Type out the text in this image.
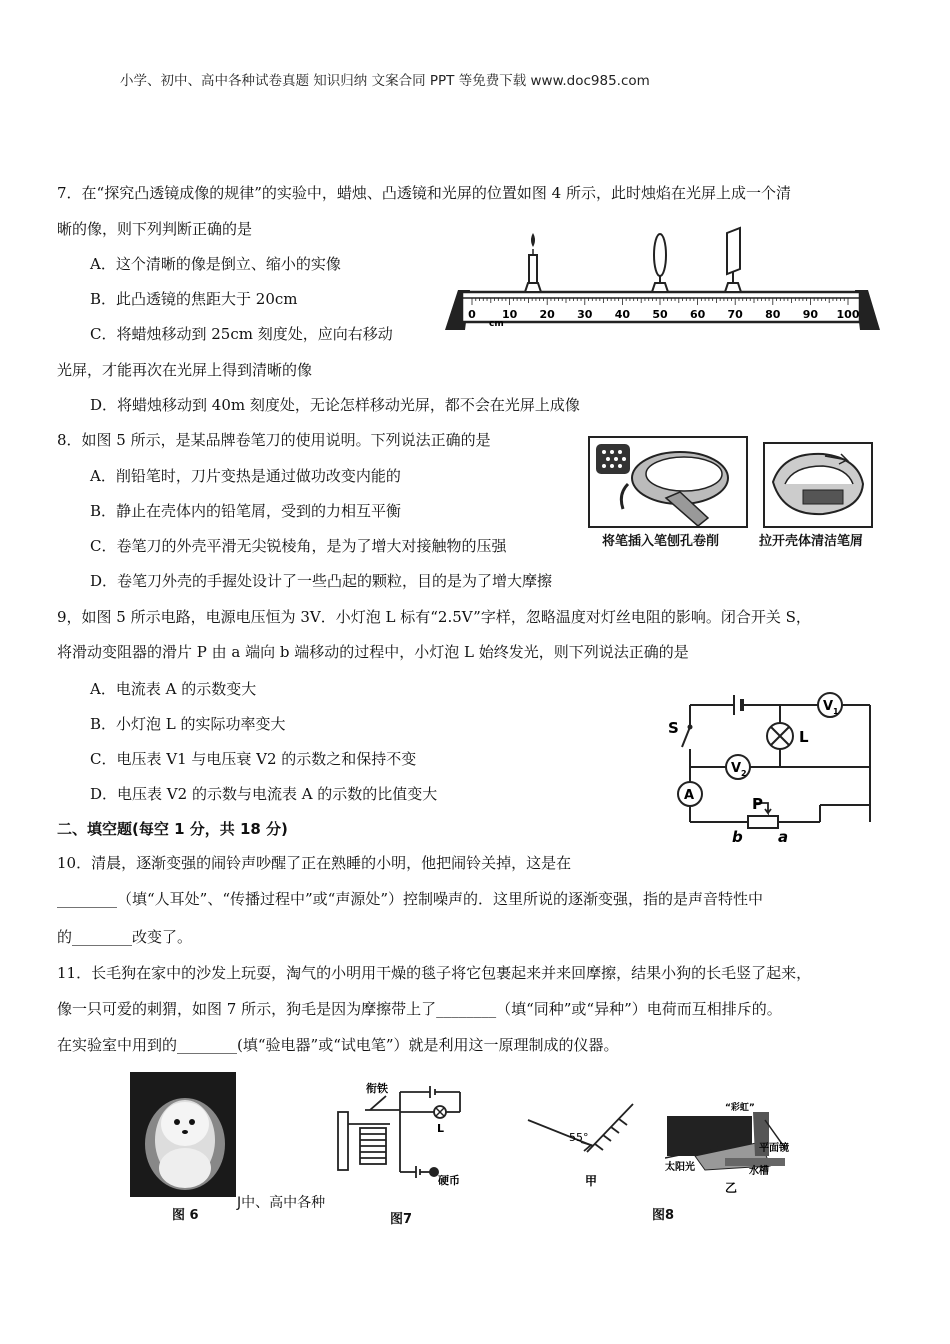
小学、初中、高中各种试卷真题 知识归纳 文案合同 PPT 等免费下载 www.doc985.com
7．在“探究凸透镜成像的规律”的实验中，蜡烛、凸透镜和光屏的位置如图 4 所示，此时烛焰在光屏上成一个清
晰的像，则下列判断正确的是
A．这个清晰的像是倒立、缩小的实像
B．此凸透镜的焦距大于 20cm
C．将蜡烛移动到 25cm 刻度处，应向右移动
光屏，才能再次在光屏上得到清晰的像
D．将蜡烛移动到 40m 刻度处，无论怎样移动光屏，都不会在光屏上成像
0 10 20 30 40 50 60 70 80 90 100
cm
8．如图 5 所示，是某品牌卷笔刀的使用说明。下列说法正确的是
A．削铅笔时，刀片变热是通过做功改变内能的
B．静止在壳体内的铅笔屑，受到的力相互平衡
C．卷笔刀的外壳平滑无尖锐棱角，是为了增大对接触物的压强
D．卷笔刀外壳的手握处设计了一些凸起的颗粒，目的是为了增大摩擦
将笔插入笔刨孔卷削	拉开壳体清洁笔屑
9，如图 5 所示电路，电源电压恒为 3V．小灯泡 L 标有“2.5V”字样，忽略温度对灯丝电阻的影响。闭合开关 S，
将滑动变阻器的滑片 P 由 a 端向 b 端移动的过程中，小灯泡 L 始终发光，则下列说法正确的是
A．电流表 A 的示数变大
B．小灯泡 L 的实际功率变大
C．电压表 V1 与电压衰 V2 的示数之和保持不变
D．电压表 V2 的示数与电流表 A 的示数的比值变大
S	L
V 1
V 2
A	P
b a
二、填空题(每空 1 分，共 18 分)
10．清晨，逐渐变强的闹铃声吵醒了正在熟睡的小明，他把闹铃关掉，这是在
________（填“人耳处”、“传播过程中”或“声源处”）控制噪声的．这里所说的逐渐变强，指的是声音特性中
的________改变了。
11．长毛狗在家中的沙发上玩耍，淘气的小明用干燥的毯子将它包裹起来并来回摩擦，结果小狗的长毛竖了起来，
像一只可爱的刺猬，如图 7 所示，狗毛是因为摩擦带上了________（填“同种”或“异种”）电荷而互相排斥的。
在实验室中用到的________(填“验电器”或“试电笔”）就是利用这一原理制成的仪器。
图 6
J中、高中各种
衔铁
L
硬币
图7
55°
甲
“彩虹”
平面镜
太阳光	水槽
乙
图8
